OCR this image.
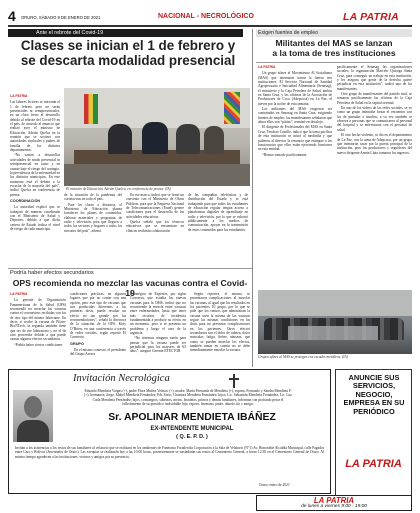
4 ORURO, SÁBADO 8 DE ENERO DE 2021	NACIONAL - NECROLÓGICO	LA PATRIA
Ante el rebrote del Covid-19
Clases se inician el 1 de febrero y
se descarta modalidad presencial
LA PATRIA

Las labores lectivas se iniciarán el 1 de febrero pero no serán presenciales ni semipresenciales, en un claro freno al desarrollo debido al rebrote del Covid-19 en el país, de acuerdo al anuncio que realizó ayer el ministro de Educación, Adrián Quelca en la reunión que se sostuvo con autoridades sindicales y padres de familia de los distintos departamentos.

“No vamos a desarrollar actividades de modo presencial ni semipresencial en tanto y en cuanto baje el riesgo del contagio, la prevalencia de la enfermedad en los distintos municipios. En este momento está el debate a la escucha de la mayoría del país”, indicó Quelca en conferencia de prensa.

COORDINACIÓN

La autoridad explicó que se trabajará de manera coordinada con el Ministerio de Salud y Deportes, debido a que dicha cartera de Estado indica el nivel de riesgo de cada municipio.

El ministro de Educación, Adrián Quelca, en conferencia de prensa. (IA)

de la situación de la pandemia del coronavirus en todo el país.

Para los clases a distancia, el Ministerio de Educación planea fortalecer los planes de contenidos, elaborar materiales y programas de radio y televisión, para que lleguen a todos los sectores y hogares a todos los rincones del país”, afirmó.

En ese marco, indicó que se firmó un convenio con el Ministerio de Obras Públicas, para que la Empresa Nacional de Telecomunicaciones (Entel) genere condiciones para el desarrollo de las actividades educativas.

Quelca señaló que los técnicos educativos que se encuentran en clínicas recibirán colaboración

de las compañías telefónicas y de distribución del Estado y se está trabajando para que todos los estudiantes de educación regular tengan acceso a plataformas digitales de aprendizaje en radio y televisión, por lo que se exhortó públicamente a los medios de comunicación, apoyar en la transmisión de estos contenidos para los estudiantes.

Exigen fuentes de empleo
Militantes del MAS se lanzan
a la toma de tres instituciones
LA PATRIA

Un grupo afines al Movimiento Al Socialismo (MAS) que intentaron tomar la fuerza tres instituciones: El Servicio Nacional de Sanidad Agropecuaria e Inocuidad Alimentaria (Senasag), el ministerio y la Caja Petrolera de Salud, ambas en Santa Cruz, y las oficinas de la Asociación de Productores de Coca (Adepcoca) en La Paz, el jueves por la noche de esta semana.

Los militantes del MAS exigieron ser contratados en Senasag en Santa Cruz, exigiendo fuentes de empleo, las manifestantes señalaron que ahora ellos son “pititas”, terminó en desalojo.

El dirigente de Profesionales del MAS en Santa Cruz, Teodoro Castillo, indicó que la toma pacífica de esta institución se inició al mediodía y que pidieron al director la renuncia que entregue a los funcionarios que ellos están ejerciendo funciones en esta entidad.

“Hemos tomado pacíficamente

pacíficamente el Senasag las organizaciones sociales, la organización Marcelo Quiroga Santa Cruz, para conseguir un trabajo en esta institución, y les asegura que gente de la derecha quiere perjudicar en esta institución”, indicó uno de los manifestantes.

Otro grupo de manifestantes del partido azul, se tomaron pacíficamente las oficinas de la Caja Petrolera de Salud en la capital oriental.

En uno de los videos de las redes sociales, se ve como un grupo intentaba forzar el encuentro con los de pintadas a insultos, a su vez también se observa a personas que se comunicaron al personal del hospital y se enfrentaron con el personal de salud.

El otro hecho violento, se dio en el departamento de La Paz, con la toma de Adepcoca, por un grupo que intentaron sacar por la puerta principal de la institución, pero los productores y seguidores del nuevo dirigente Armin Lluta tomaron los ingresos.

Grupos afines al MAS se protegen con escudos metálicos. (IA)
Podría haber efectos secundarios
OPS recomienda no mezclar las vacunas contra el Covid-19
LA PATRIA

La gerente de Organización Panamericana de la Salud (OPS) recomendó no mezclar las vacunas contra el coronavirus recibidas con los de otro tipo del mismo fabricante. En decir, si recibe la vacuna de Pfizer-BioNTech, la segunda también tiene que ser de ese laboratorio y no el de otro proveedor debido a que puede causar algunos efectos secundarios.

“Podría haber ciertos condiciones

condiciones prácticas, en algunos lugares que por no contar con una opción, pero este tipo de vacunas que son producidas diferentes a las primeras dosis, puede resultar un efecto no tan grande por las recomendaciones”, señaló la directora de la situación de la OPS, Kitty O’Brien, en una conferencia a través de redes sociales, según reportó El Comercio.

GRUPO

En el mismo contexto, el presidente del Grupo Asesor

Estratégico de Expertos, por siglas Conversa, que estudia las nuevas vacunas para la OMS, indicó que no recomienda la mezcla entre vacunas entre enfermedades, hasta que tener más recursos de incidencia fundamentada a producir su efecto en un momento, pero si se presenta un problema y luego el caso de la urgencia.

“No tenemos ninguna razón para pensar que la vacuna puede ser perjudicial para los mayores de 65 años”, aseguró Gerente ETECTOR

Según reportes, el mismo, se presentaron complicaciones al mezclar las vacunas, al igual que los resultados en los pacientes. El grupo, por lo que se pide que los centros que administran la vacuna usen la misma de las vacunas seguir las mismas condiciones en las dosis para no presentar complicaciones en los pacientes. Otros efectos secundarios son el dolor de cabeza, dolor muscular, fatiga, fiebre, náuseas, que como se pueden mezclar los efectos, también tomar en cuenta no se debe inmediatamente mezclar la vacuna.

Invitación Necrológica
Eduardo Mendieta Vargas (+), padre Flora Muñoz Velasco (+), madre. María Fernanda de Mendieta (+), esposa; Fernando y Sandra Mendieta F. (+), hermanos; Jorge, Mabel Mendieta Fernández; Pdt. Sixto, Chamora Mendieta Fernández, hijos; Lic. Sebastián Mendieta Fernández, Lic. Luz Carla Mendieta Fernández; hijos, consuegros, sobrinos, nietos, bisnietos, primos y demás familiares, informan con profundo pesar el fallecimiento de su querido e inolvidable hijo, esposo, hermano, padre, abuelo, tío y amigo:
Sr. APOLINAR MENDIETA IBÁÑEZ
EX-INTENDENTE MUNICIPAL
( Q. E. P. D. )
Invitan a los asistencias a los restos de sus familiares al velatorio que se realizará en los ambientes de Funeraria Fortalecida Corporación a la Sala de Velatorio (N°1) Av. Honorable Alcaldía Municipal, calle Pagador entre Caro y Bolívar (Juventudes de Oruro). Las exequias se realizarán hoy a las 10:00 horas, posteriormente se trasladarán sus restos al Cementerio General, a horas 12:30 en el Cementerio General de Oruro. Al mismo tiempo agradecen a las instituciones, vecinos y amigos por su presencia.
Oruro, enero de 2021
ANUNCIE SUS SERVICIOS, NEGOCIO, EMPRESA EN SU PERIÓDICO
LA PATRIA
LA PATRIA
de lunes a viernes 9:00 - 19:00
